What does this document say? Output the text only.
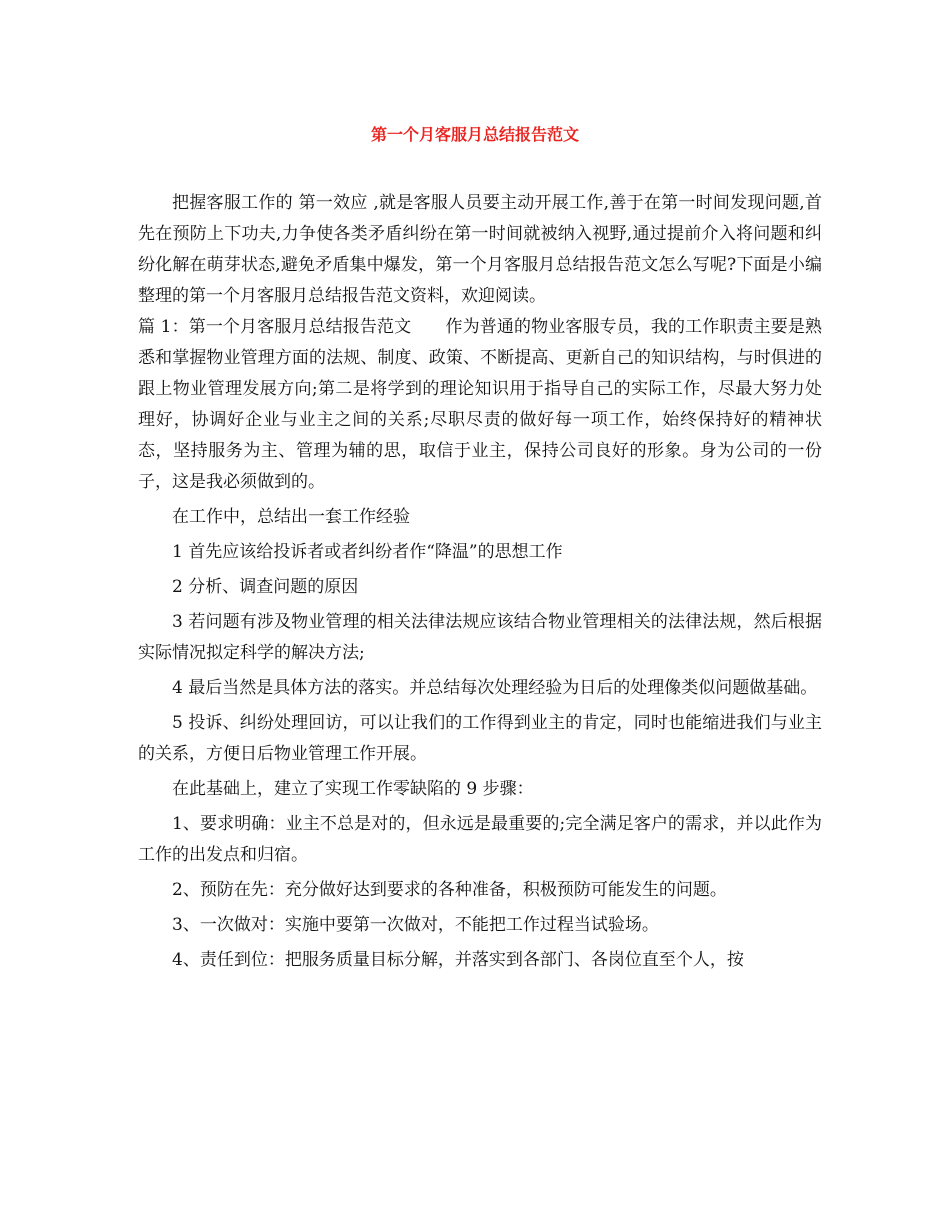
第一个月客服月总结报告范文

把握客服工作的 第一效应 ,就是客服人员要主动开展工作,善于在第一时间发现问题,首先在预防上下功夫,力争使各类矛盾纠纷在第一时间就被纳入视野,通过提前介入将问题和纠纷化解在萌芽状态,避免矛盾集中爆发，第一个月客服月总结报告范文怎么写呢?下面是小编整理的第一个月客服月总结报告范文资料，欢迎阅读。

篇 1：第一个月客服月总结报告范文　　作为普通的物业客服专员，我的工作职责主要是熟悉和掌握物业管理方面的法规、制度、政策、不断提高、更新自己的知识结构，与时俱进的跟上物业管理发展方向;第二是将学到的理论知识用于指导自己的实际工作，尽最大努力处理好，协调好企业与业主之间的关系;尽职尽责的做好每一项工作，始终保持好的精神状态，坚持服务为主、管理为辅的思，取信于业主，保持公司良好的形象。身为公司的一份子，这是我必须做到的。

在工作中，总结出一套工作经验

1 首先应该给投诉者或者纠纷者作“降温”的思想工作

2 分析、调查问题的原因

3 若问题有涉及物业管理的相关法律法规应该结合物业管理相关的法律法规，然后根据实际情况拟定科学的解决方法;

4 最后当然是具体方法的落实。并总结每次处理经验为日后的处理像类似问题做基础。

5 投诉、纠纷处理回访，可以让我们的工作得到业主的肯定，同时也能缩进我们与业主的关系，方便日后物业管理工作开展。

在此基础上，建立了实现工作零缺陷的 9 步骤：

1、要求明确：业主不总是对的，但永远是最重要的;完全满足客户的需求，并以此作为工作的出发点和归宿。

2、预防在先：充分做好达到要求的各种准备，积极预防可能发生的问题。

3、一次做对：实施中要第一次做对，不能把工作过程当试验场。

4、责任到位：把服务质量目标分解，并落实到各部门、各岗位直至个人，按
